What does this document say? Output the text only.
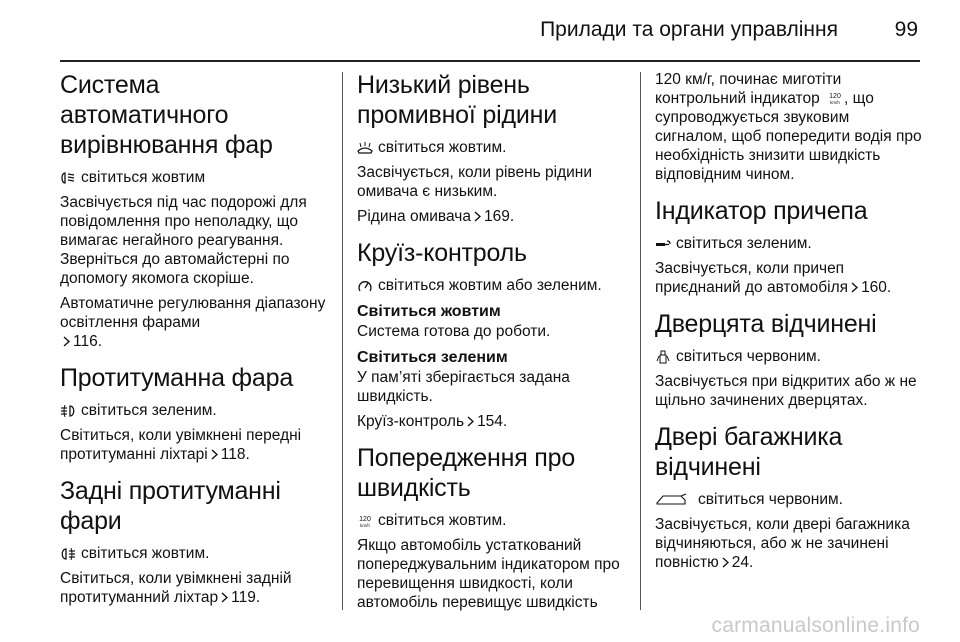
Прилади та органи управління	99
Система автоматичного вирівнювання фар

світиться жовтим

Засвічується під час подорожі для повідомлення про неполадку, що вимагає негайного реагування. Зверніться до автомайстерні по допомогу якомога скоріше.

Автоматичне регулювання діапазону освітлення фарами

116.

Протитуманна фара

світиться зеленим.

Світиться, коли увімкнені передні протитуманні ліхтарі 118.

Задні протитуманні фари

світиться жовтим.

Світиться, коли увімкнені задній протитуманний ліхтар 119.

Низький рівень промивної рідини

світиться жовтим.

Засвічується, коли рівень рідини омивача є низьким.

Рідина омивача 169.

Круїз-контроль

світиться жовтим або зеленим.

Світиться жовтим

Система готова до роботи.

Світиться зеленим

У пам’яті зберігається задана швидкість.

Круїз-контроль 154.

Попередження про швидкість

120
km/h світиться жовтим.

Якщо автомобіль устаткований попереджувальним індикатором про перевищення швидкості, коли автомобіль перевищує швидкість

120 км/г, починає миготіти контрольний індикатор 120
km/h , що супроводжується звуковим сигналом, щоб попередити водія про необхідність знизити швидкість відповідним чином.

Індикатор причепа

світиться зеленим.

Засвічується, коли причеп приєднаний до автомобіля 160.

Дверцята відчинені

світиться червоним.

Засвічується при відкритих або ж не щільно зачинених дверцятах.

Двері багажника відчинені

світиться червоним.

Засвічується, коли двері багажника відчиняються, або ж не зачинені повністю 24.

carmanualsonline.info
